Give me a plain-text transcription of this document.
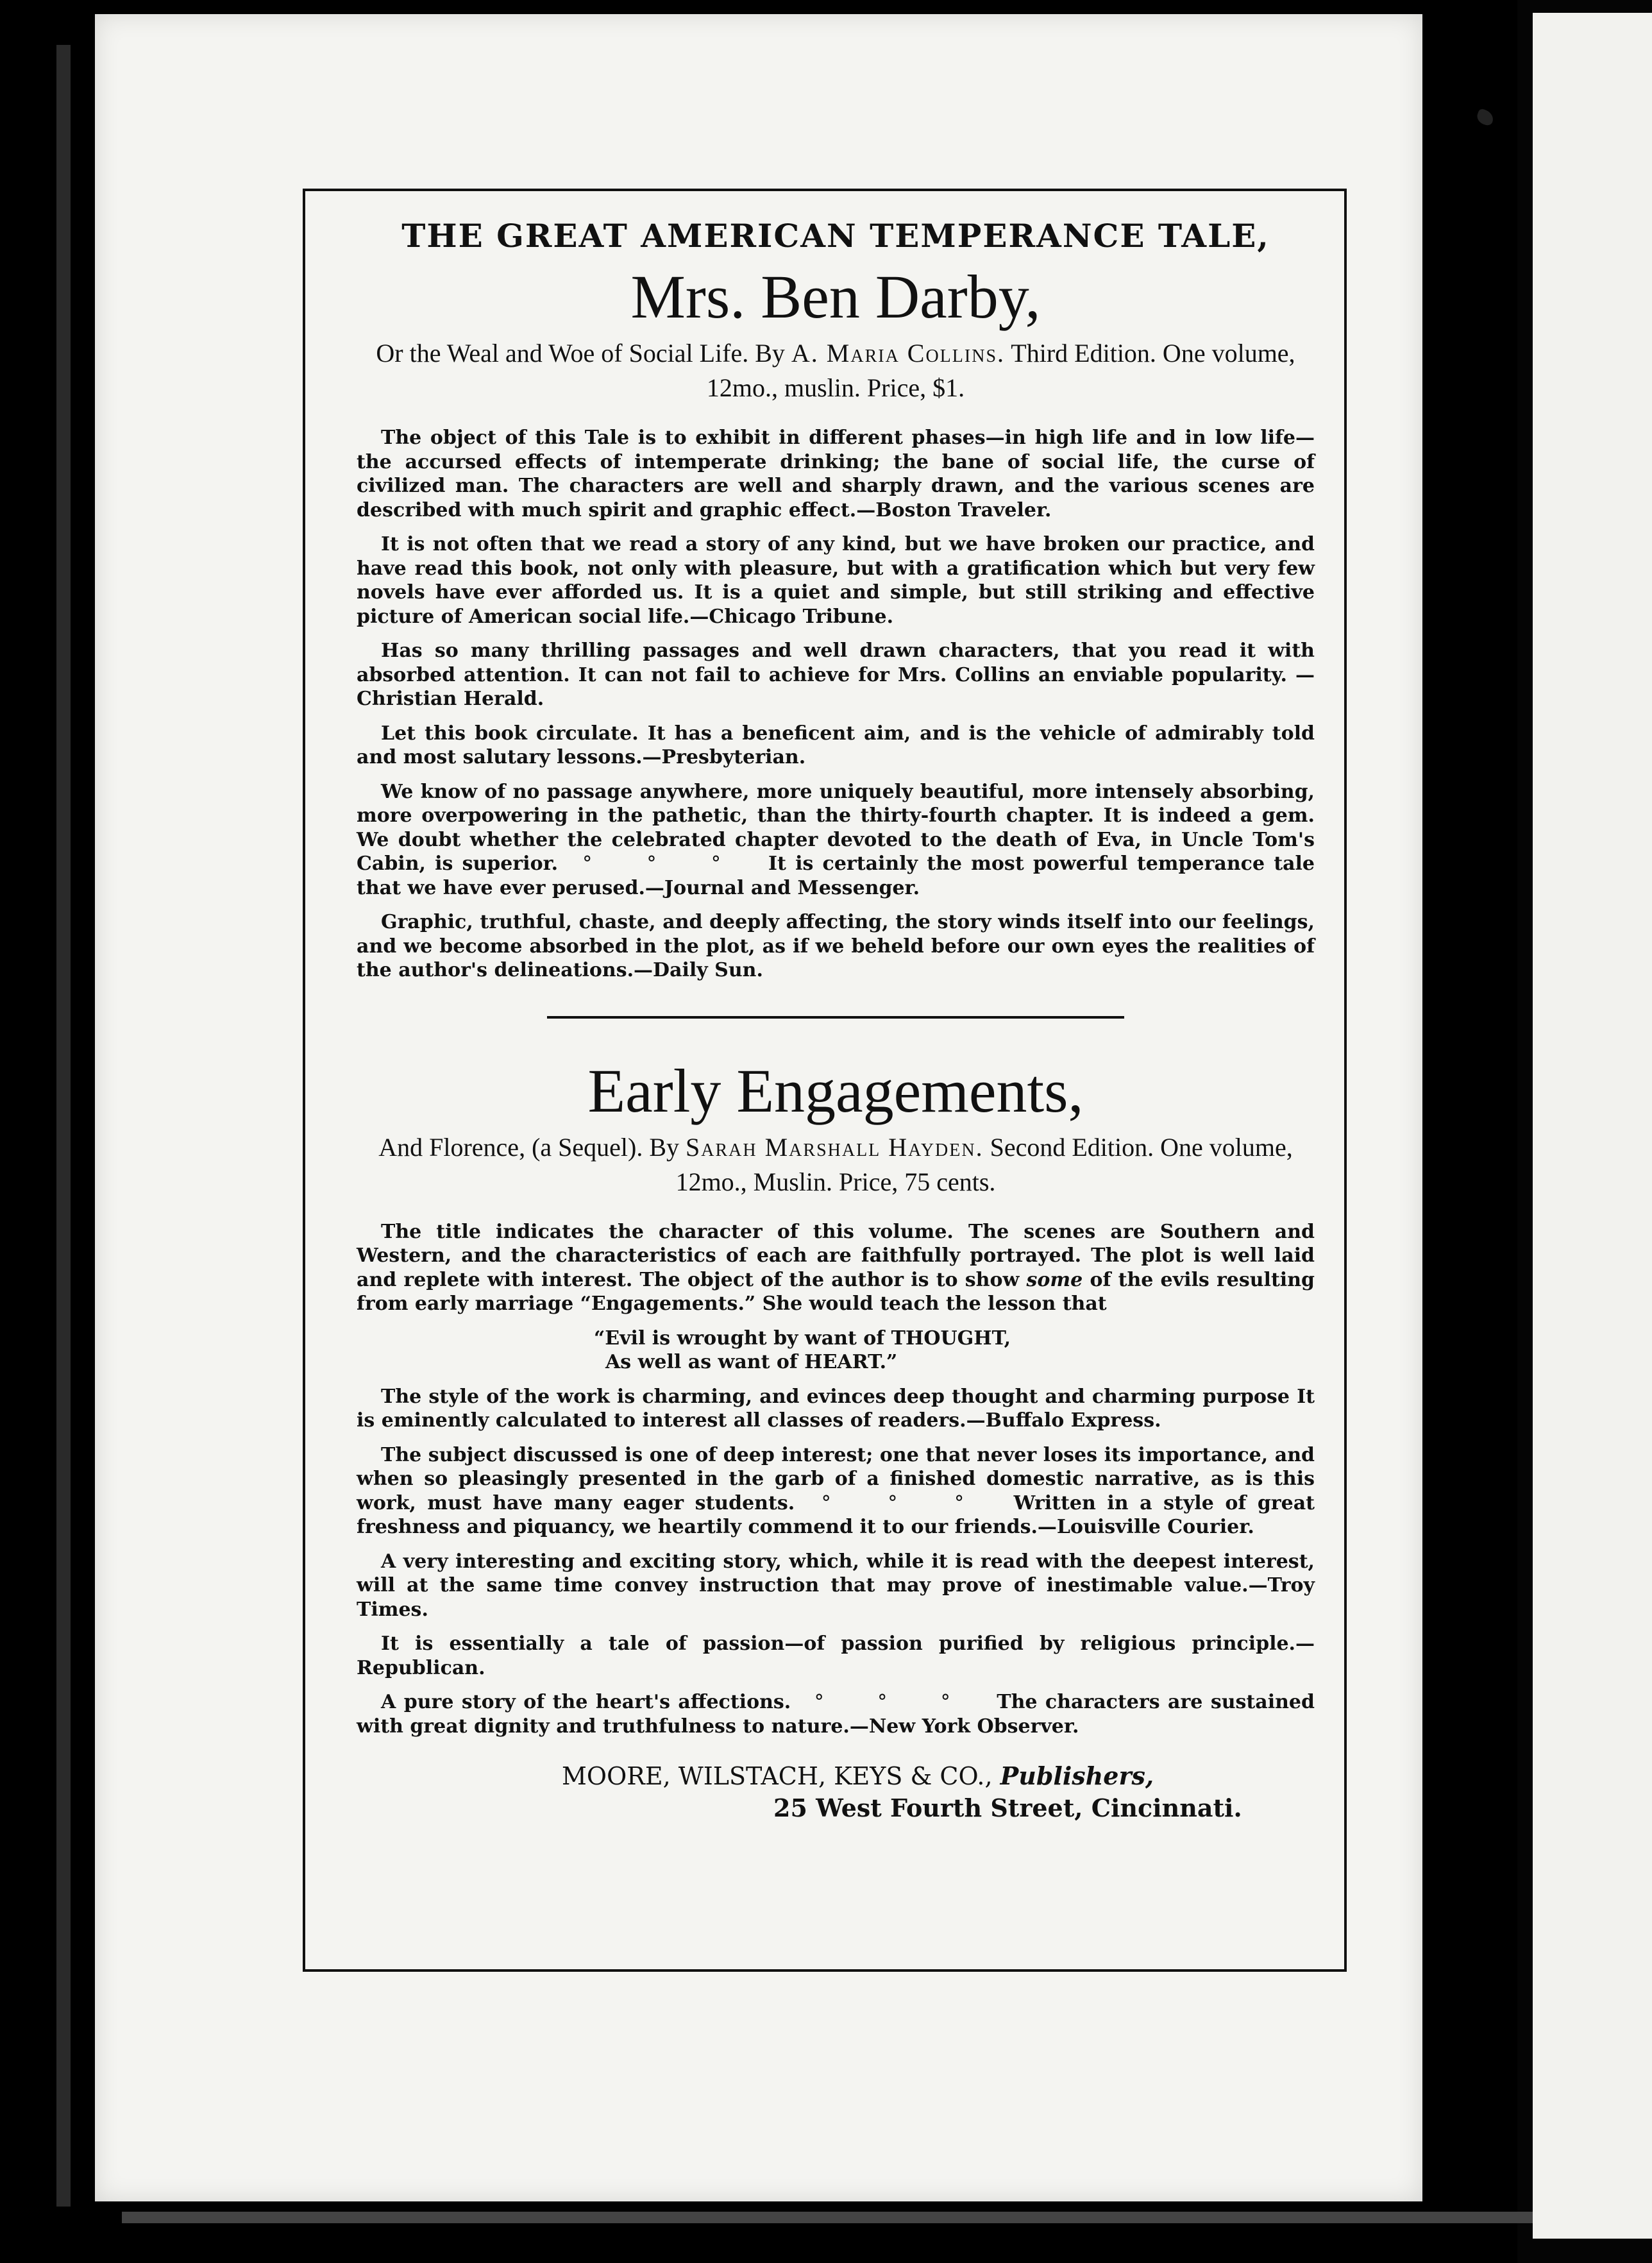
THE GREAT AMERICAN TEMPERANCE TALE,
Mrs. Ben Darby,
Or the Weal and Woe of Social Life. By A. Maria Collins. Third Edition. One volume, 12mo., muslin. Price, $1.

The object of this Tale is to exhibit in different phases—in high life and in low life—the accursed effects of intemperate drinking; the bane of social life, the curse of civilized man. The characters are well and sharply drawn, and the various scenes are described with much spirit and graphic effect.—Boston Traveler.

It is not often that we read a story of any kind, but we have broken our practice, and have read this book, not only with pleasure, but with a gratification which but very few novels have ever afforded us. It is a quiet and simple, but still striking and effective picture of American social life.—Chicago Tribune.

Has so many thrilling passages and well drawn characters, that you read it with absorbed attention. It can not fail to achieve for Mrs. Collins an enviable popularity. —Christian Herald.

Let this book circulate. It has a beneficent aim, and is the vehicle of admirably told and most salutary lessons.—Presbyterian.

We know of no passage anywhere, more uniquely beautiful, more intensely absorbing, more overpowering in the pathetic, than the thirty-fourth chapter. It is indeed a gem. We doubt whether the celebrated chapter devoted to the death of Eva, in Uncle Tom's Cabin, is superior. ° ° ° It is certainly the most powerful temperance tale that we have ever perused.—Journal and Messenger.

Graphic, truthful, chaste, and deeply affecting, the story winds itself into our feelings, and we become absorbed in the plot, as if we beheld before our own eyes the realities of the author's delineations.—Daily Sun.

Early Engagements,
And Florence, (a Sequel). By Sarah Marshall Hayden. Second Edition. One volume, 12mo., Muslin. Price, 75 cents.

The title indicates the character of this volume. The scenes are Southern and Western, and the characteristics of each are faithfully portrayed. The plot is well laid and replete with interest. The object of the author is to show some of the evils resulting from early marriage “Engagements.” She would teach the lesson that

“Evil is wrought by want of THOUGHT,
As well as want of HEART.”

The style of the work is charming, and evinces deep thought and charming purpose It is eminently calculated to interest all classes of readers.—Buffalo Express.

The subject discussed is one of deep interest; one that never loses its importance, and when so pleasingly presented in the garb of a finished domestic narrative, as is this work, must have many eager students. ° ° ° Written in a style of great freshness and piquancy, we heartily commend it to our friends.—Louisville Courier.

A very interesting and exciting story, which, while it is read with the deepest interest, will at the same time convey instruction that may prove of inestimable value.—Troy Times.

It is essentially a tale of passion—of passion purified by religious principle.— Republican.

A pure story of the heart's affections. ° ° ° The characters are sustained with great dignity and truthfulness to nature.—New York Observer.

MOORE, WILSTACH, KEYS & CO., Publishers,
25 West Fourth Street, Cincinnati.
